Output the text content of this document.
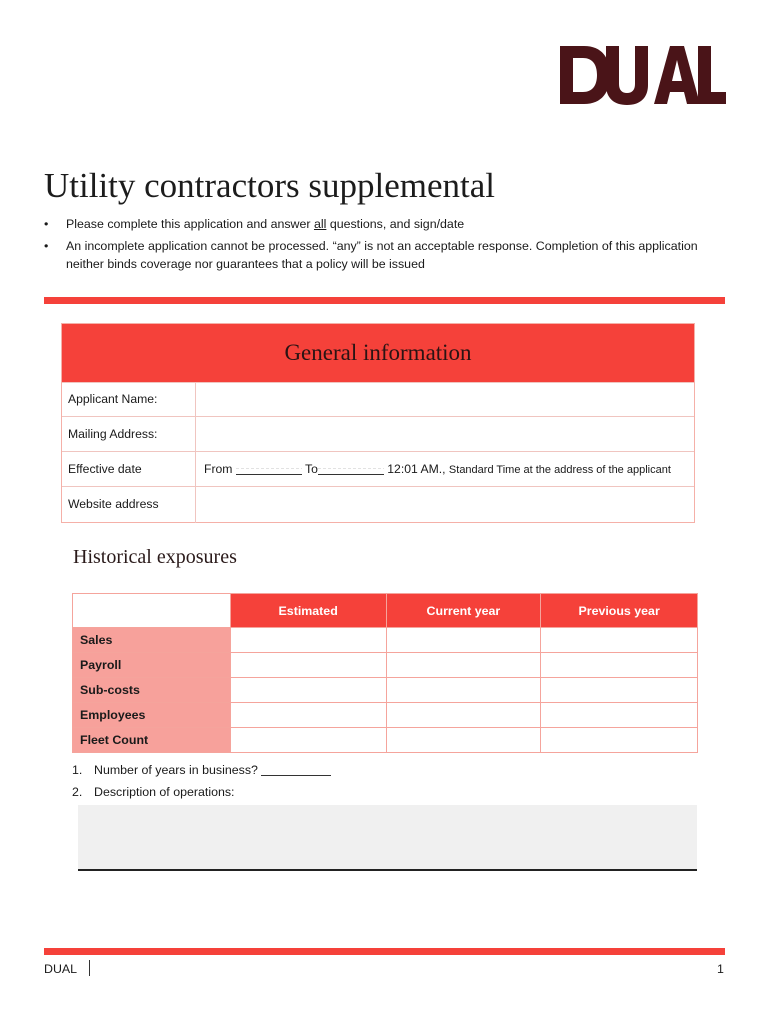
Utility contractors supplemental
• Please complete this application and answer all questions, and sign/date
• An incomplete application cannot be processed. “any” is not an acceptable response. Completion of this application neither binds coverage nor guarantees that a policy will be issued
General information
Applicant Name:
Mailing Address:
Effective date	From	To	12:01 AM., Standard Time at the address of the applicant
Website address
Historical exposures
	Estimated	Current year	Previous year
Sales			
Payroll			
Sub-costs			
Employees			
Fleet Count			
1. Number of years in business?
2. Description of operations:
DUAL	1
